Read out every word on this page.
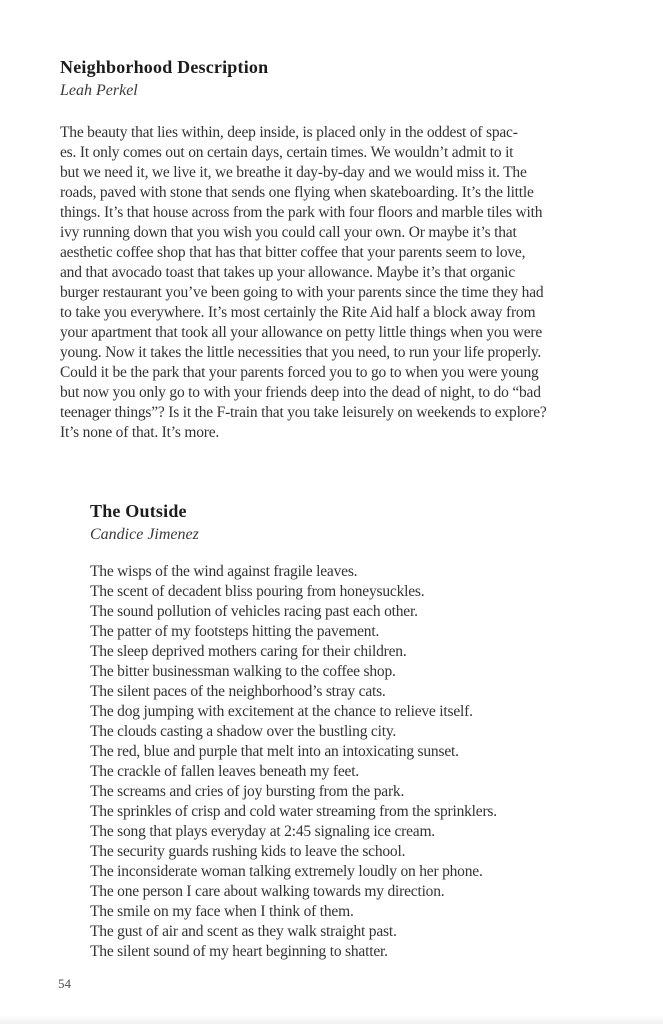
Neighborhood Description
Leah Perkel
The beauty that lies within, deep inside, is placed only in the oddest of spac-
es. It only comes out on certain days, certain times. We wouldn’t admit to it
but we need it, we live it, we breathe it day-by-day and we would miss it. The
roads, paved with stone that sends one flying when skateboarding. It’s the little
things. It’s that house across from the park with four floors and marble tiles with
ivy running down that you wish you could call your own. Or maybe it’s that
aesthetic coffee shop that has that bitter coffee that your parents seem to love,
and that avocado toast that takes up your allowance. Maybe it’s that organic
burger restaurant you’ve been going to with your parents since the time they had
to take you everywhere. It’s most certainly the Rite Aid half a block away from
your apartment that took all your allowance on petty little things when you were
young. Now it takes the little necessities that you need, to run your life properly.
Could it be the park that your parents forced you to go to when you were young
but now you only go to with your friends deep into the dead of night, to do “bad
teenager things”? Is it the F-train that you take leisurely on weekends to explore?
It’s none of that. It’s more.
The Outside
Candice Jimenez
The wisps of the wind against fragile leaves.
The scent of decadent bliss pouring from honeysuckles.
The sound pollution of vehicles racing past each other.
The patter of my footsteps hitting the pavement.
The sleep deprived mothers caring for their children.
The bitter businessman walking to the coffee shop.
The silent paces of the neighborhood’s stray cats.
The dog jumping with excitement at the chance to relieve itself.
The clouds casting a shadow over the bustling city.
The red, blue and purple that melt into an intoxicating sunset.
The crackle of fallen leaves beneath my feet.
The screams and cries of joy bursting from the park.
The sprinkles of crisp and cold water streaming from the sprinklers.
The song that plays everyday at 2:45 signaling ice cream.
The security guards rushing kids to leave the school.
The inconsiderate woman talking extremely loudly on her phone.
The one person I care about walking towards my direction.
The smile on my face when I think of them.
The gust of air and scent as they walk straight past.
The silent sound of my heart beginning to shatter.
54
